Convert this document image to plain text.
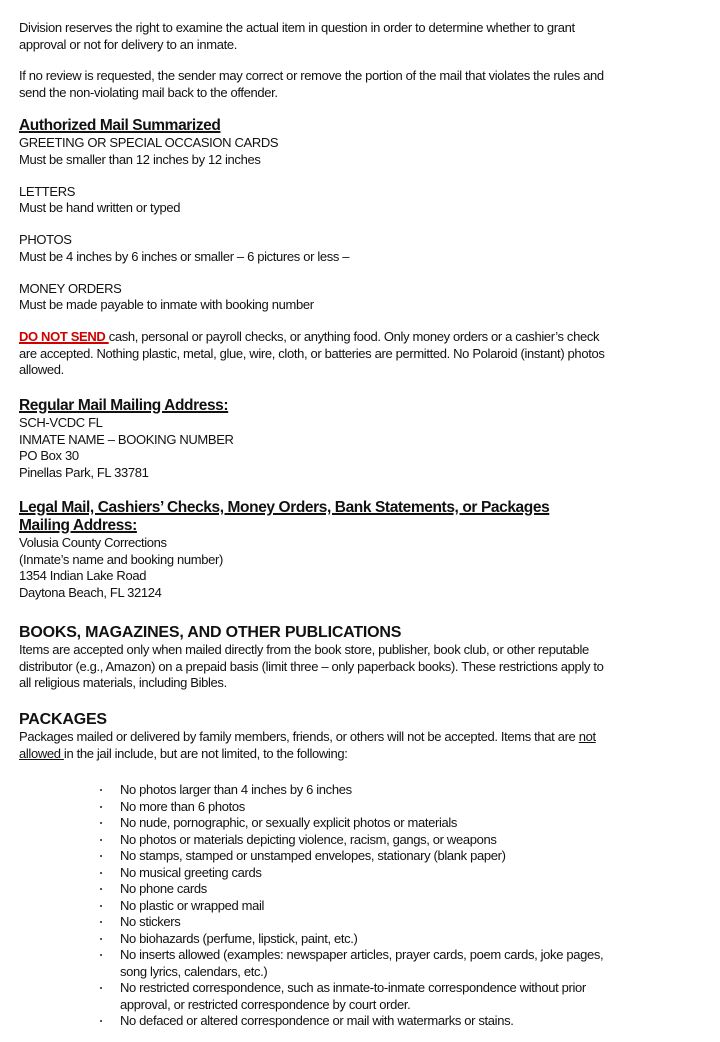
Division reserves the right to examine the actual item in question in order to determine whether to grant
approval or not for delivery to an inmate.
If no review is requested, the sender may correct or remove the portion of the mail that violates the rules and
send the non-violating mail back to the offender.
Authorized Mail Summarized
GREETING OR SPECIAL OCCASION CARDS
Must be smaller than 12 inches by 12 inches
LETTERS
Must be hand written or typed
PHOTOS
Must be 4 inches by 6 inches or smaller – 6 pictures or less –
MONEY ORDERS
Must be made payable to inmate with booking number
DO NOT SEND cash, personal or payroll checks, or anything food. Only money orders or a cashier’s check
are accepted. Nothing plastic, metal, glue, wire, cloth, or batteries are permitted. No Polaroid (instant) photos
allowed.
Regular Mail Mailing Address:
SCH-VCDC FL
INMATE NAME – BOOKING NUMBER
PO Box 30
Pinellas Park, FL 33781
Legal Mail, Cashiers’ Checks, Money Orders, Bank Statements, or Packages
Mailing Address:
Volusia County Corrections
(Inmate’s name and booking number)
1354 Indian Lake Road
Daytona Beach, FL 32124
BOOKS, MAGAZINES, AND OTHER PUBLICATIONS
Items are accepted only when mailed directly from the book store, publisher, book club, or other reputable
distributor (e.g., Amazon) on a prepaid basis (limit three – only paperback books). These restrictions apply to
all religious materials, including Bibles.
PACKAGES
Packages mailed or delivered by family members, friends, or others will not be accepted. Items that are not
allowed in the jail include, but are not limited, to the following:
No photos larger than 4 inches by 6 inches
No more than 6 photos
No nude, pornographic, or sexually explicit photos or materials
No photos or materials depicting violence, racism, gangs, or weapons
No stamps, stamped or unstamped envelopes, stationary (blank paper)
No musical greeting cards
No phone cards
No plastic or wrapped mail
No stickers
No biohazards (perfume, lipstick, paint, etc.)
No inserts allowed (examples: newspaper articles, prayer cards, poem cards, joke pages,
song lyrics, calendars, etc.)
No restricted correspondence, such as inmate-to-inmate correspondence without prior
approval, or restricted correspondence by court order.
No defaced or altered correspondence or mail with watermarks or stains.
